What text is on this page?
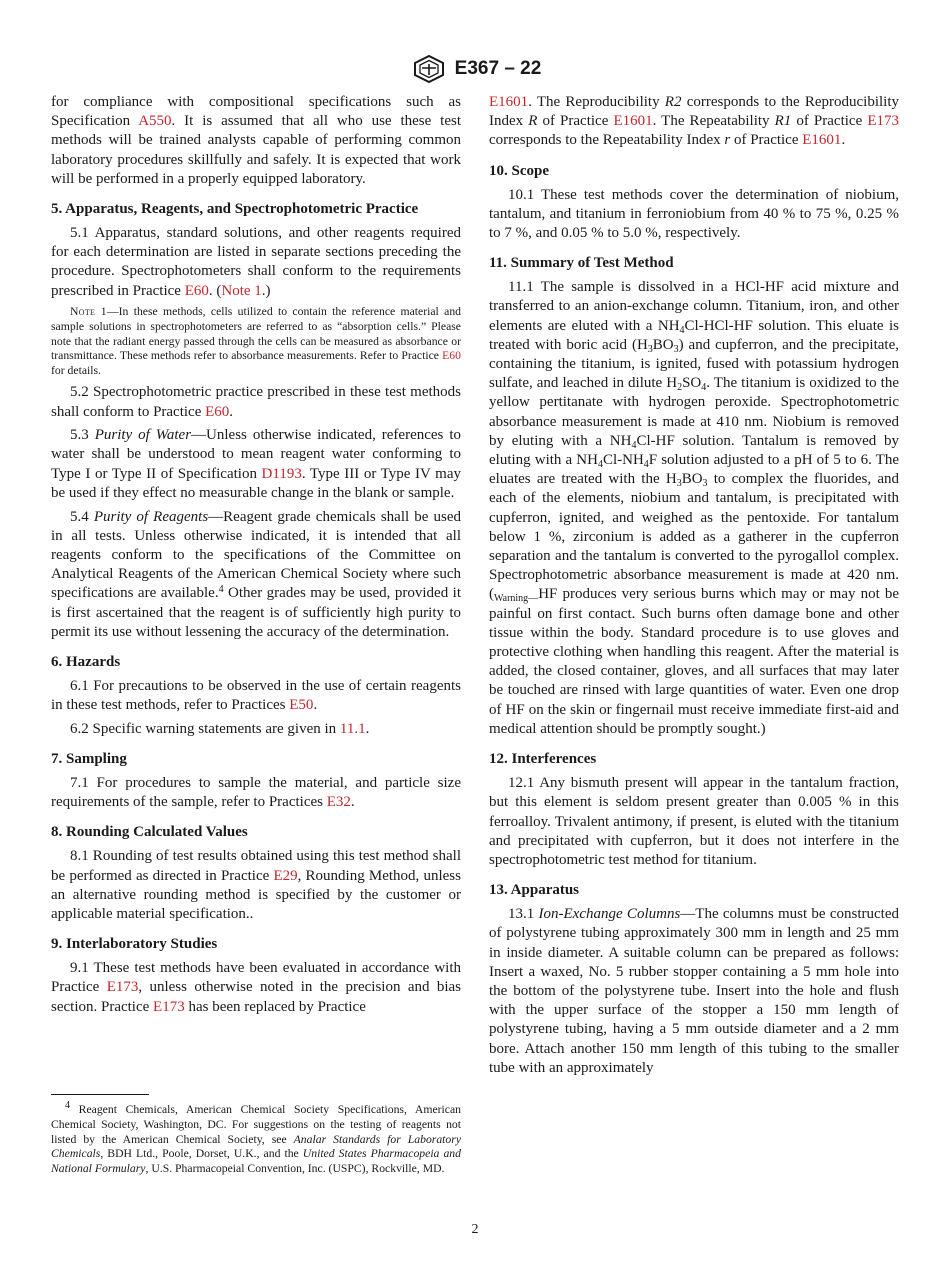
E367 – 22

for compliance with compositional specifications such as Specification A550. It is assumed that all who use these test methods will be trained analysts capable of performing common laboratory procedures skillfully and safely. It is expected that work will be performed in a properly equipped laboratory.

5. Apparatus, Reagents, and Spectrophotometric Practice

5.1 Apparatus, standard solutions, and other reagents required for each determination are listed in separate sections preceding the procedure. Spectrophotometers shall conform to the requirements prescribed in Practice E60. (Note 1.)

Note 1—In these methods, cells utilized to contain the reference material and sample solutions in spectrophotometers are referred to as “absorption cells.” Please note that the radiant energy passed through the cells can be measured as absorbance or transmittance. These methods refer to absorbance measurements. Refer to Practice E60 for details.

5.2 Spectrophotometric practice prescribed in these test methods shall conform to Practice E60.

5.3 Purity of Water—Unless otherwise indicated, references to water shall be understood to mean reagent water conforming to Type I or Type II of Specification D1193. Type III or Type IV may be used if they effect no measurable change in the blank or sample.

5.4 Purity of Reagents—Reagent grade chemicals shall be used in all tests. Unless otherwise indicated, it is intended that all reagents conform to the specifications of the Committee on Analytical Reagents of the American Chemical Society where such specifications are available.$^4$ Other grades may be used, provided it is first ascertained that the reagent is of sufficiently high purity to permit its use without lessening the accuracy of the determination.

6. Hazards

6.1 For precautions to be observed in the use of certain reagents in these test methods, refer to Practices E50.

6.2 Specific warning statements are given in 11.1.

7. Sampling

7.1 For procedures to sample the material, and particle size requirements of the sample, refer to Practices E32.

8. Rounding Calculated Values

8.1 Rounding of test results obtained using this test method shall be performed as directed in Practice E29, Rounding Method, unless an alternative rounding method is specified by the customer or applicable material specification..

9. Interlaboratory Studies

9.1 These test methods have been evaluated in accordance with Practice E173, unless otherwise noted in the precision and bias section. Practice E173 has been replaced by Practice

$^4$ Reagent Chemicals, American Chemical Society Specifications, American Chemical Society, Washington, DC. For suggestions on the testing of reagents not listed by the American Chemical Society, see Analar Standards for Laboratory Chemicals, BDH Ltd., Poole, Dorset, U.K., and the United States Pharmacopeia and National Formulary, U.S. Pharmacopeial Convention, Inc. (USPC), Rockville, MD.

E1601. The Reproducibility R2 corresponds to the Reproducibility Index R of Practice E1601. The Repeatability R1 of Practice E173 corresponds to the Repeatability Index r of Practice E1601.

10. Scope

10.1 These test methods cover the determination of niobium, tantalum, and titanium in ferroniobium from 40 % to 75 %, 0.25 % to 7 %, and 0.05 % to 5.0 %, respectively.

11. Summary of Test Method

11.1 The sample is dissolved in a HCl-HF acid mixture and transferred to an anion-exchange column. Titanium, iron, and other elements are eluted with a $NH_4Cl-HCl-HF$ solution. This eluate is treated with boric acid $(H_3BO_3)$ and cupferron, and the precipitate, containing the titanium, is ignited, fused with potassium hydrogen sulfate, and leached in dilute $H_2SO_4$. The titanium is oxidized to the yellow pertitanate with hydrogen peroxide. Spectrophotometric absorbance measurement is made at 410 nm. Niobium is removed by eluting with a $NH_4Cl-HF$ solution. Tantalum is removed by eluting with a $NH_4Cl-NH_4F$ solution adjusted to a pH of 5 to 6. The eluates are treated with the $H_3BO_3$ to complex the fluorides, and each of the elements, niobium and tantalum, is precipitated with cupferron, ignited, and weighed as the pentoxide. For tantalum below 1 %, zirconium is added as a gatherer in the cupferron separation and the tantalum is converted to the pyrogallol complex. Spectrophotometric absorbance measurement is made at 420 nm. ($_{Warning—}HF$ produces very serious burns which may or may not be painful on first contact. Such burns often damage bone and other tissue within the body. Standard procedure is to use gloves and protective clothing when handling this reagent. After the material is added, the closed container, gloves, and all surfaces that may later be touched are rinsed with large quantities of water. Even one drop of HF on the skin or fingernail must receive immediate first-aid and medical attention should be promptly sought.)

12. Interferences

12.1 Any bismuth present will appear in the tantalum fraction, but this element is seldom present greater than 0.005 % in this ferroalloy. Trivalent antimony, if present, is eluted with the titanium and precipitated with cupferron, but it does not interfere in the spectrophotometric test method for titanium.

13. Apparatus

13.1 Ion-Exchange Columns—The columns must be constructed of polystyrene tubing approximately 300 mm in length and 25 mm in inside diameter. A suitable column can be prepared as follows: Insert a waxed, No. 5 rubber stopper containing a 5 mm hole into the bottom of the polystyrene tube. Insert into the hole and flush with the upper surface of the stopper a 150 mm length of polystyrene tubing, having a 5 mm outside diameter and a 2 mm bore. Attach another 150 mm length of this tubing to the smaller tube with an approximately

2
